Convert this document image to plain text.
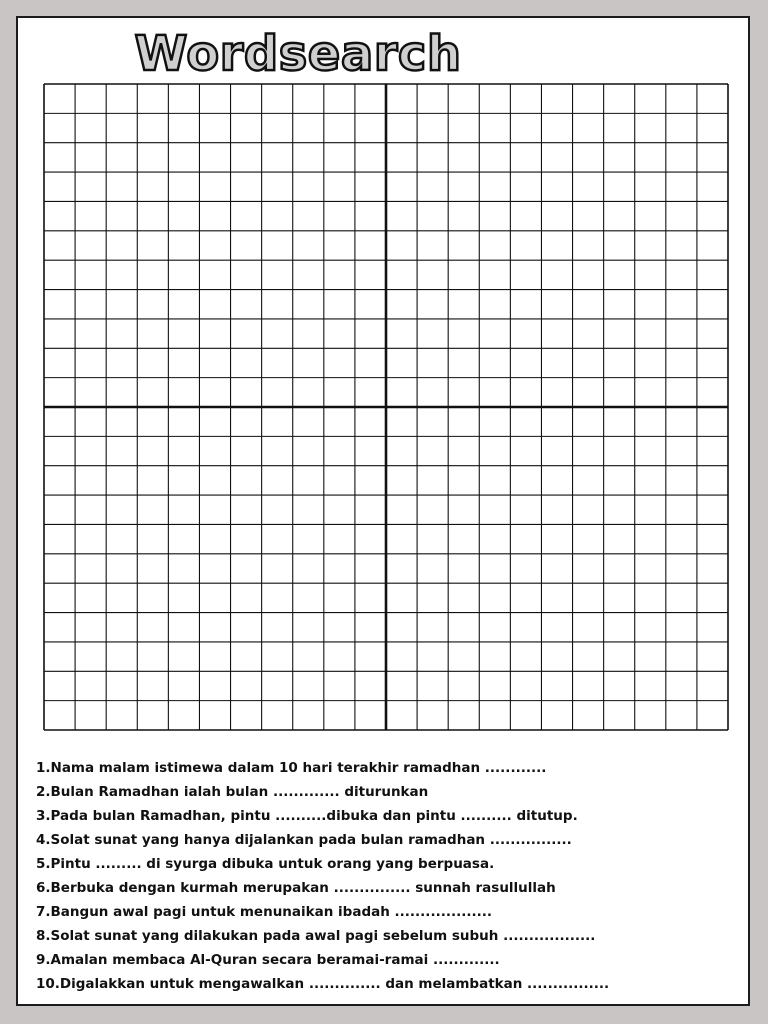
Wordsearch
1.Nama malam istimewa dalam 10 hari terakhir ramadhan ............
2.Bulan Ramadhan ialah bulan ............. diturunkan
3.Pada bulan Ramadhan, pintu ..........dibuka dan pintu .......... ditutup.
4.Solat sunat yang hanya dijalankan pada bulan ramadhan ................
5.Pintu ......... di syurga dibuka untuk orang yang berpuasa.
6.Berbuka dengan kurmah merupakan ............... sunnah rasullullah
7.Bangun awal pagi untuk menunaikan ibadah ...................
8.Solat sunat yang dilakukan pada awal pagi sebelum subuh ..................
9.Amalan membaca Al-Quran secara beramai-ramai .............
10.Digalakkan untuk mengawalkan .............. dan melambatkan ................
